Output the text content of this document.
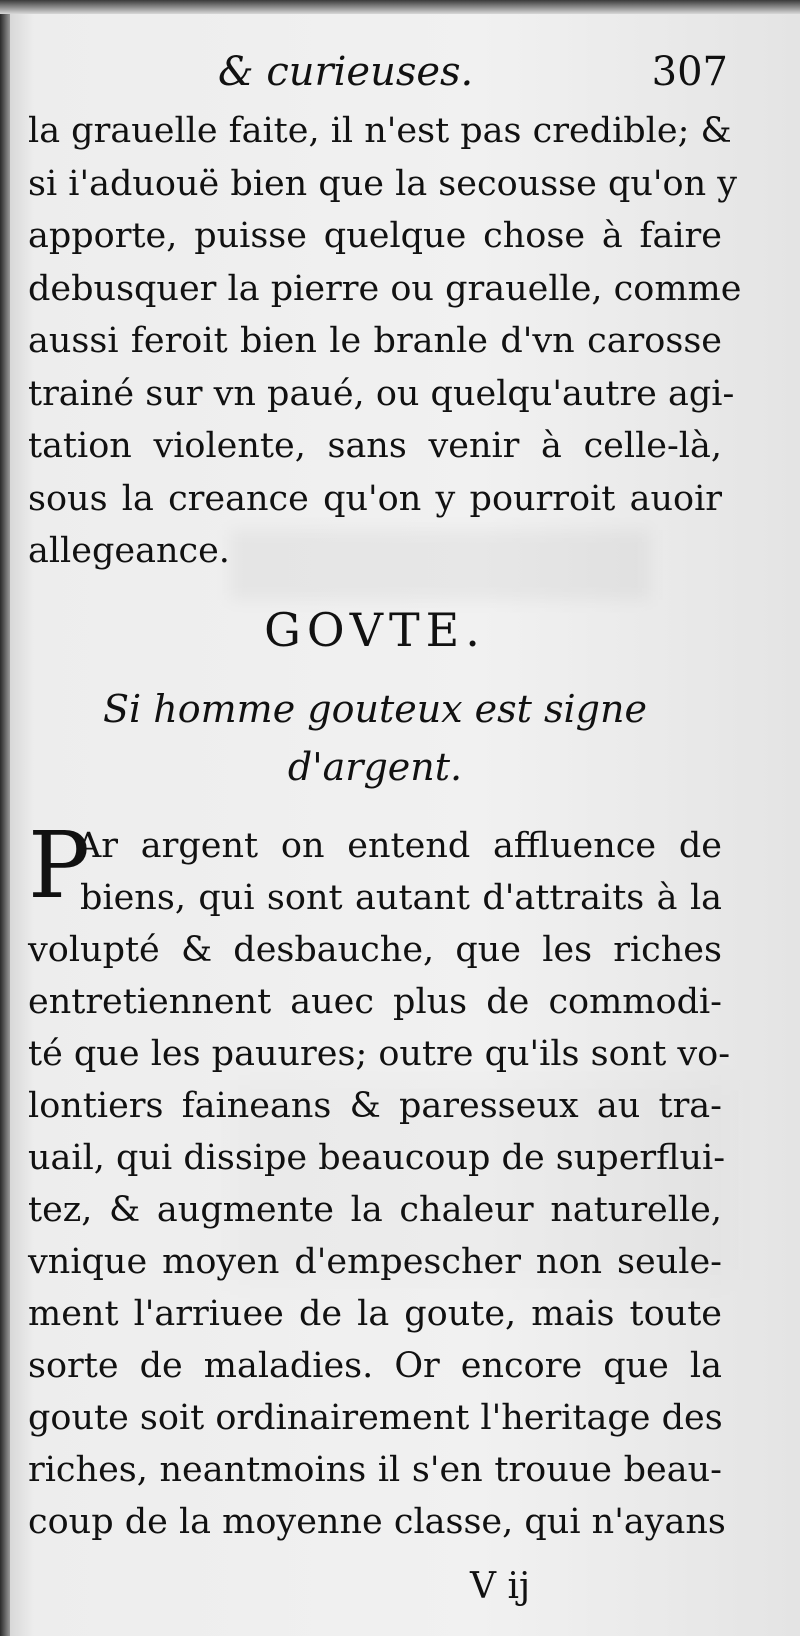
& curieuses.	307
la grauelle faite, il n'est pas credible; &
si i'aduouë bien que la secousse qu'on y
apporte, puisse quelque chose à faire
debusquer la pierre ou grauelle, comme
aussi feroit bien le branle d'vn carosse
trainé sur vn paué, ou quelqu'autre agi-
tation violente, sans venir à celle-là,
sous la creance qu'on y pourroit auoir
allegeance.
GOVTE.
Si homme gouteux est signe
d'argent.
P
Ar argent on entend affluence de
biens, qui sont autant d'attraits à la
volupté & desbauche, que les riches
entretiennent auec plus de commodi-
té que les pauures; outre qu'ils sont vo-
lontiers faineans & paresseux au tra-
uail, qui dissipe beaucoup de superflui-
tez, & augmente la chaleur naturelle,
vnique moyen d'empescher non seule-
ment l'arriuee de la goute, mais toute
sorte de maladies. Or encore que la
goute soit ordinairement l'heritage des
riches, neantmoins il s'en trouue beau-
coup de la moyenne classe, qui n'ayans
V ij
